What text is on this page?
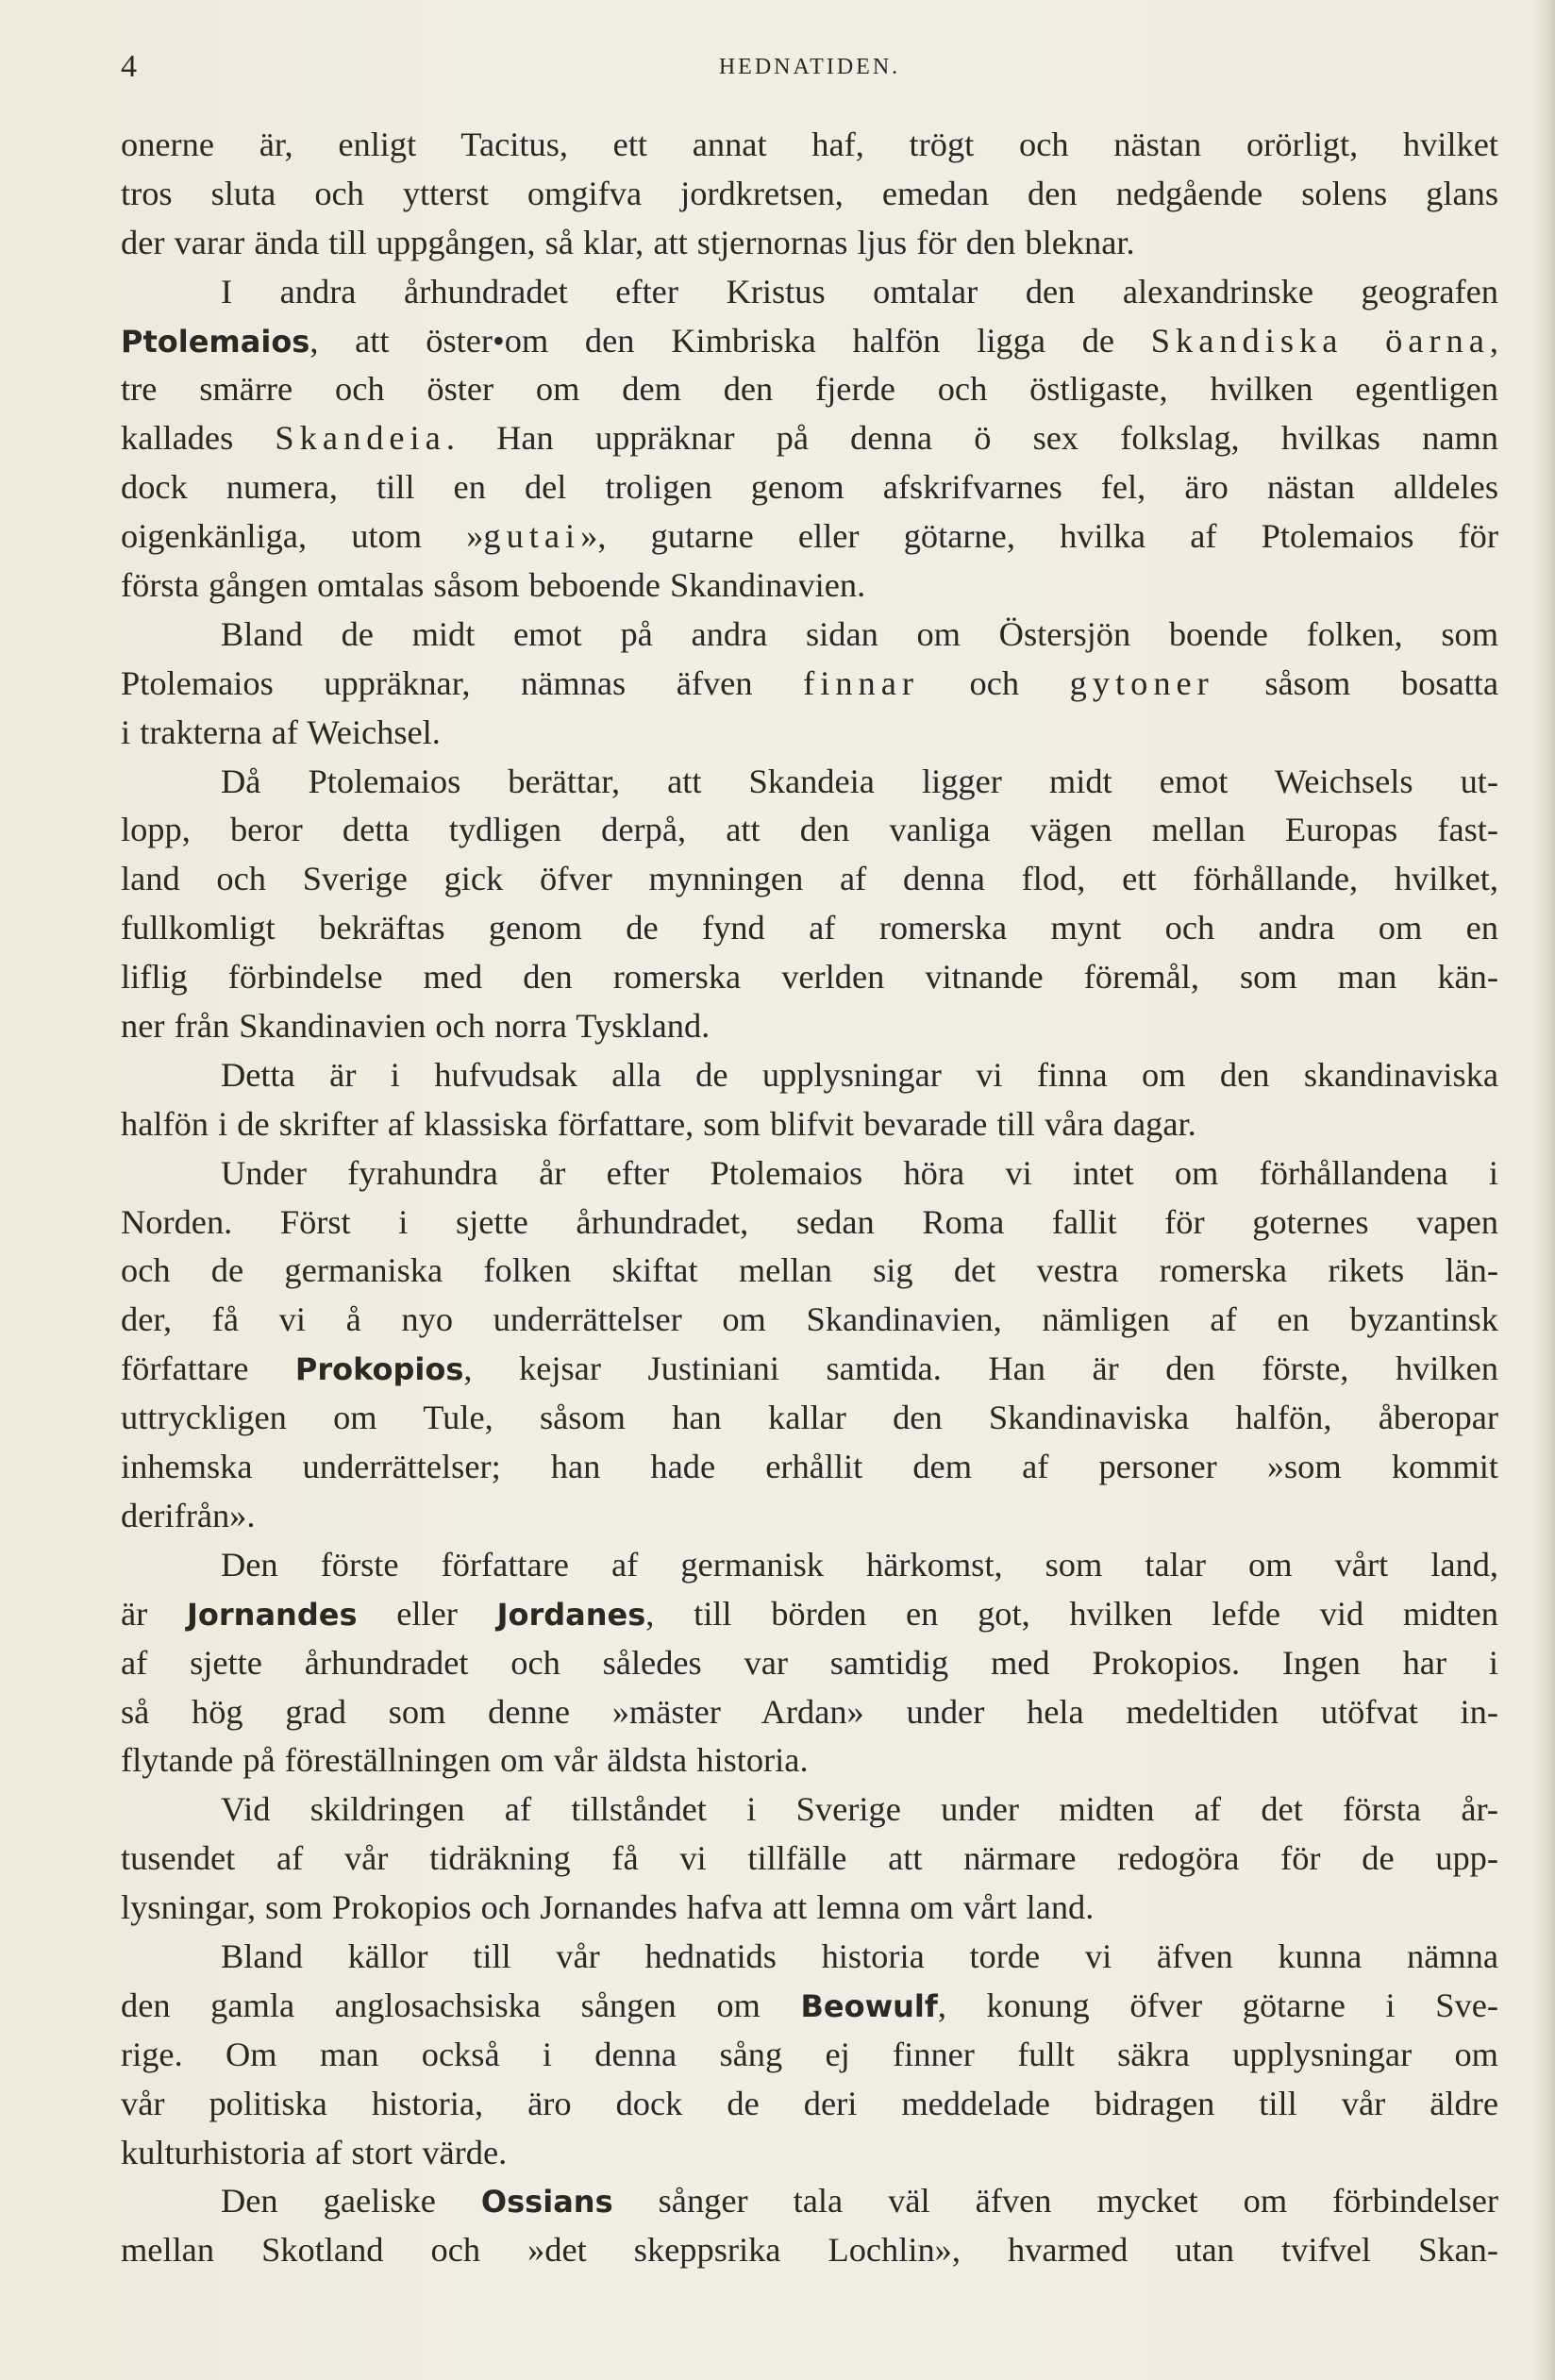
4	HEDNATIDEN.
onerne är, enligt Tacitus, ett annat haf, trögt och nästan orörligt, hvilket
tros sluta och ytterst omgifva jordkretsen, emedan den nedgående solens glans
der varar ända till uppgången, så klar, att stjernornas ljus för den bleknar.
I andra århundradet efter Kristus omtalar den alexandrinske geografen
Ptolemaios, att öster•om den Kimbriska halfön ligga de Skandiska öarna,
tre smärre och öster om dem den fjerde och östligaste, hvilken egentligen
kallades Skandeia. Han uppräknar på denna ö sex folkslag, hvilkas namn
dock numera, till en del troligen genom afskrifvarnes fel, äro nästan alldeles
oigenkänliga, utom »gutai», gutarne eller götarne, hvilka af Ptolemaios för
första gången omtalas såsom beboende Skandinavien.
Bland de midt emot på andra sidan om Östersjön boende folken, som
Ptolemaios uppräknar, nämnas äfven finnar och gytoner såsom bosatta
i trakterna af Weichsel.
Då Ptolemaios berättar, att Skandeia ligger midt emot Weichsels ut-
lopp, beror detta tydligen derpå, att den vanliga vägen mellan Europas fast-
land och Sverige gick öfver mynningen af denna flod, ett förhållande, hvilket,
fullkomligt bekräftas genom de fynd af romerska mynt och andra om en
liflig förbindelse med den romerska verlden vitnande föremål, som man kän-
ner från Skandinavien och norra Tyskland.
Detta är i hufvudsak alla de upplysningar vi finna om den skandinaviska
halfön i de skrifter af klassiska författare, som blifvit bevarade till våra dagar.
Under fyrahundra år efter Ptolemaios höra vi intet om förhållandena i
Norden. Först i sjette århundradet, sedan Roma fallit för goternes vapen
och de germaniska folken skiftat mellan sig det vestra romerska rikets län-
der, få vi å nyo underrättelser om Skandinavien, nämligen af en byzantinsk
författare Prokopios, kejsar Justiniani samtida. Han är den förste, hvilken
uttryckligen om Tule, såsom han kallar den Skandinaviska halfön, åberopar
inhemska underrättelser; han hade erhållit dem af personer »som kommit
derifrån».
Den förste författare af germanisk härkomst, som talar om vårt land,
är Jornandes eller Jordanes, till börden en got, hvilken lefde vid midten
af sjette århundradet och således var samtidig med Prokopios. Ingen har i
så hög grad som denne »mäster Ardan» under hela medeltiden utöfvat in-
flytande på föreställningen om vår äldsta historia.
Vid skildringen af tillståndet i Sverige under midten af det första år-
tusendet af vår tidräkning få vi tillfälle att närmare redogöra för de upp-
lysningar, som Prokopios och Jornandes hafva att lemna om vårt land.
Bland källor till vår hednatids historia torde vi äfven kunna nämna
den gamla anglosachsiska sången om Beowulf, konung öfver götarne i Sve-
rige. Om man också i denna sång ej finner fullt säkra upplysningar om
vår politiska historia, äro dock de deri meddelade bidragen till vår äldre
kulturhistoria af stort värde.
Den gaeliske Ossians sånger tala väl äfven mycket om förbindelser
mellan Skotland och »det skeppsrika Lochlin», hvarmed utan tvifvel Skan-
